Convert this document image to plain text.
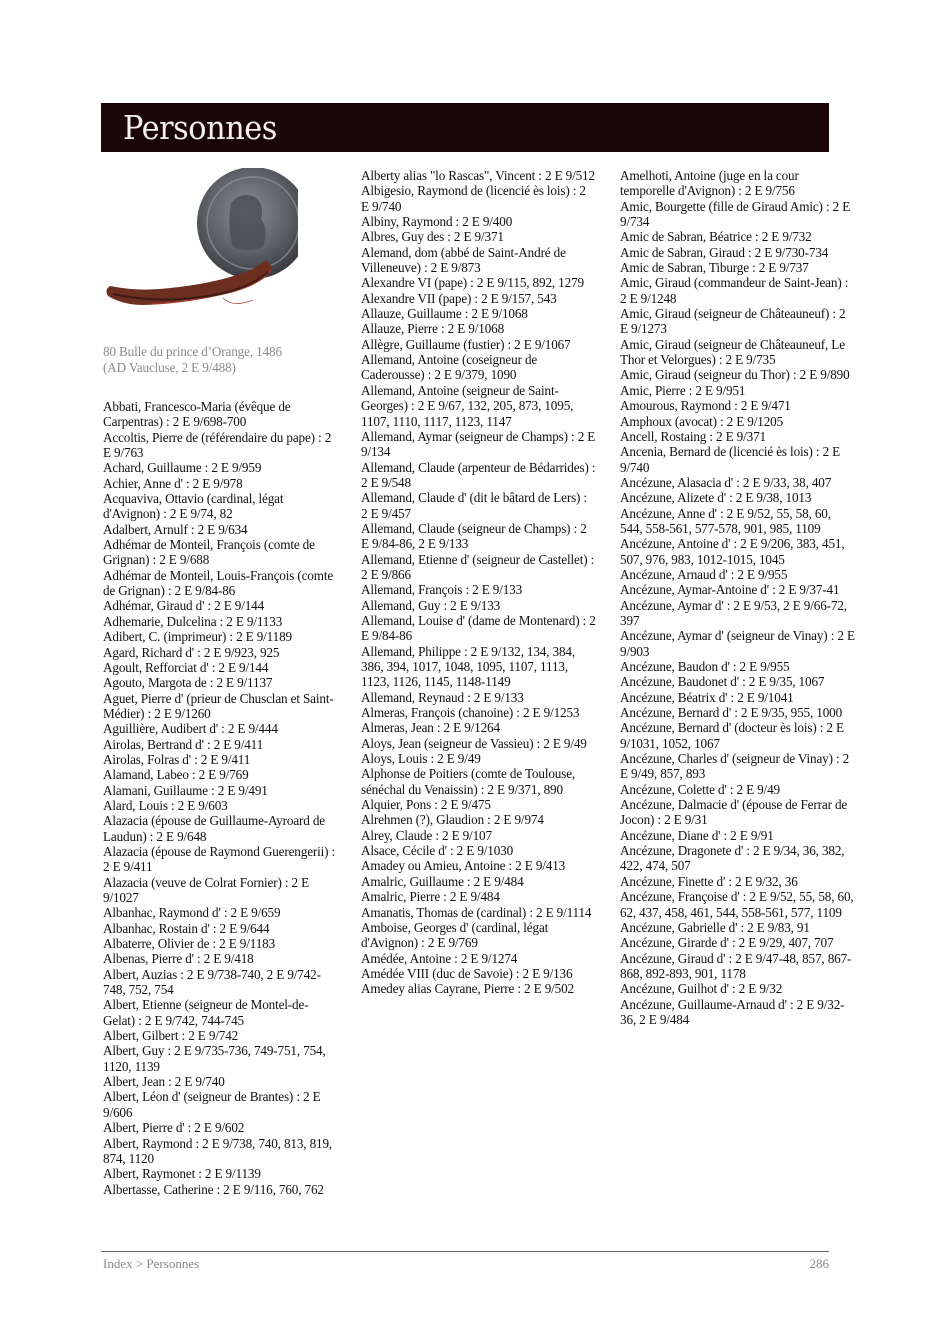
Personnes
80 Bulle du prince d’Orange, 1486
(AD Vaucluse, 2 E 9/488)

Abbati, Francesco-Maria (évêque de Carpentras) : 2 E 9/698-700

Accoltis, Pierre de (référendaire du pape) : 2 E 9/763

Achard, Guillaume : 2 E 9/959

Achier, Anne d' : 2 E 9/978

Acquaviva, Ottavio (cardinal, légat d'Avignon) : 2 E 9/74, 82

Adalbert, Arnulf : 2 E 9/634

Adhémar de Monteil, François (comte de Grignan) : 2 E 9/688

Adhémar de Monteil, Louis-François (comte de Grignan) : 2 E 9/84-86

Adhémar, Giraud d' : 2 E 9/144

Adhemarie, Dulcelina : 2 E 9/1133

Adibert, C. (imprimeur) : 2 E 9/1189

Agard, Richard d' : 2 E 9/923, 925

Agoult, Refforciat d' : 2 E 9/144

Agouto, Margota de : 2 E 9/1137

Aguet, Pierre d' (prieur de Chusclan et Saint-Médier) : 2 E 9/1260

Aguillière, Audibert d' : 2 E 9/444

Airolas, Bertrand d' : 2 E 9/411

Airolas, Folras d' : 2 E 9/411

Alamand, Labeo : 2 E 9/769

Alamani, Guillaume : 2 E 9/491

Alard, Louis : 2 E 9/603

Alazacia (épouse de Guillaume-Ayroard de Laudun) : 2 E 9/648

Alazacia (épouse de Raymond Guerengerii) : 2 E 9/411

Alazacia (veuve de Colrat Fornier) : 2 E 9/1027

Albanhac, Raymond d' : 2 E 9/659

Albanhac, Rostain d' : 2 E 9/644

Albaterre, Olivier de : 2 E 9/1183

Albenas, Pierre d' : 2 E 9/418

Albert, Auzias : 2 E 9/738-740, 2 E 9/742-748, 752, 754

Albert, Etienne (seigneur de Montel-de-Gelat) : 2 E 9/742, 744-745

Albert, Gilbert : 2 E 9/742

Albert, Guy : 2 E 9/735-736, 749-751, 754, 1120, 1139

Albert, Jean : 2 E 9/740

Albert, Léon d' (seigneur de Brantes) : 2 E 9/606

Albert, Pierre d' : 2 E 9/602

Albert, Raymond : 2 E 9/738, 740, 813, 819, 874, 1120

Albert, Raymonet : 2 E 9/1139

Albertasse, Catherine : 2 E 9/116, 760, 762

Alberty alias "lo Rascas", Vincent : 2 E 9/512

Albigesio, Raymond de (licencié ès lois) : 2 E 9/740

Albiny, Raymond : 2 E 9/400

Albres, Guy des : 2 E 9/371

Alemand, dom (abbé de Saint-André de Villeneuve) : 2 E 9/873

Alexandre VI (pape) : 2 E 9/115, 892, 1279

Alexandre VII (pape) : 2 E 9/157, 543

Allauze, Guillaume : 2 E 9/1068

Allauze, Pierre : 2 E 9/1068

Allègre, Guillaume (fustier) : 2 E 9/1067

Allemand, Antoine (coseigneur de Caderousse) : 2 E 9/379, 1090

Allemand, Antoine (seigneur de Saint-Georges) : 2 E 9/67, 132, 205, 873, 1095, 1107, 1110, 1117, 1123, 1147

Allemand, Aymar (seigneur de Champs) : 2 E 9/134

Allemand, Claude (arpenteur de Bédarrides) : 2 E 9/548

Allemand, Claude d' (dit le bâtard de Lers) : 2 E 9/457

Allemand, Claude (seigneur de Champs) : 2 E 9/84-86, 2 E 9/133

Allemand, Etienne d' (seigneur de Castellet) : 2 E 9/866

Allemand, François : 2 E 9/133

Allemand, Guy : 2 E 9/133

Allemand, Louise d' (dame de Montenard) : 2 E 9/84-86

Allemand, Philippe : 2 E 9/132, 134, 384, 386, 394, 1017, 1048, 1095, 1107, 1113, 1123, 1126, 1145, 1148-1149

Allemand, Reynaud : 2 E 9/133

Almeras, François (chanoine) : 2 E 9/1253

Almeras, Jean : 2 E 9/1264

Aloys, Jean (seigneur de Vassieu) : 2 E 9/49

Aloys, Louis : 2 E 9/49

Alphonse de Poitiers (comte de Toulouse, sénéchal du Venaissin) : 2 E 9/371, 890

Alquier, Pons : 2 E 9/475

Alrehmen (?), Glaudion : 2 E 9/974

Alrey, Claude : 2 E 9/107

Alsace, Cécile d' : 2 E 9/1030

Amadey ou Amieu, Antoine : 2 E 9/413

Amalric, Guillaume : 2 E 9/484

Amalric, Pierre : 2 E 9/484

Amanatis, Thomas de (cardinal) : 2 E 9/1114

Amboise, Georges d' (cardinal, légat d'Avignon) : 2 E 9/769

Amédée, Antoine : 2 E 9/1274

Amédée VIII (duc de Savoie) : 2 E 9/136

Amedey alias Cayrane, Pierre : 2 E 9/502

Amelhoti, Antoine (juge en la cour temporelle d'Avignon) : 2 E 9/756

Amic, Bourgette (fille de Giraud Amic) : 2 E 9/734

Amic de Sabran, Béatrice : 2 E 9/732

Amic de Sabran, Giraud : 2 E 9/730-734

Amic de Sabran, Tiburge : 2 E 9/737

Amic, Giraud (commandeur de Saint-Jean) : 2 E 9/1248

Amic, Giraud (seigneur de Châteauneuf) : 2 E 9/1273

Amic, Giraud (seigneur de Châteauneuf, Le Thor et Velorgues) : 2 E 9/735

Amic, Giraud (seigneur du Thor) : 2 E 9/890

Amic, Pierre : 2 E 9/951

Amourous, Raymond : 2 E 9/471

Amphoux (avocat) : 2 E 9/1205

Ancell, Rostaing : 2 E 9/371

Ancenia, Bernard de (licencié ès lois) : 2 E 9/740

Ancézune, Alasacia d' : 2 E 9/33, 38, 407

Ancézune, Alizete d' : 2 E 9/38, 1013

Ancézune, Anne d' : 2 E 9/52, 55, 58, 60, 544, 558-561, 577-578, 901, 985, 1109

Ancézune, Antoine d' : 2 E 9/206, 383, 451, 507, 976, 983, 1012-1015, 1045

Ancézune, Arnaud d' : 2 E 9/955

Ancézune, Aymar-Antoine d' : 2 E 9/37-41

Ancézune, Aymar d' : 2 E 9/53, 2 E 9/66-72, 397

Ancézune, Aymar d' (seigneur de Vinay) : 2 E 9/903

Ancézune, Baudon d' : 2 E 9/955

Ancézune, Baudonet d' : 2 E 9/35, 1067

Ancézune, Béatrix d' : 2 E 9/1041

Ancézune, Bernard d' : 2 E 9/35, 955, 1000

Ancézune, Bernard d' (docteur ès lois) : 2 E 9/1031, 1052, 1067

Ancézune, Charles d' (seigneur de Vinay) : 2 E 9/49, 857, 893

Ancézune, Colette d' : 2 E 9/49

Ancézune, Dalmacie d' (épouse de Ferrar de Jocon) : 2 E 9/31

Ancézune, Diane d' : 2 E 9/91

Ancézune, Dragonete d' : 2 E 9/34, 36, 382, 422, 474, 507

Ancézune, Finette d' : 2 E 9/32, 36

Ancézune, Françoise d' : 2 E 9/52, 55, 58, 60, 62, 437, 458, 461, 544, 558-561, 577, 1109

Ancézune, Gabrielle d' : 2 E 9/83, 91

Ancézune, Girarde d' : 2 E 9/29, 407, 707

Ancézune, Giraud d' : 2 E 9/47-48, 857, 867-868, 892-893, 901, 1178

Ancézune, Guilhot d' : 2 E 9/32

Ancézune, Guillaume-Arnaud d' : 2 E 9/32-36, 2 E 9/484

Index > Personnes	286
